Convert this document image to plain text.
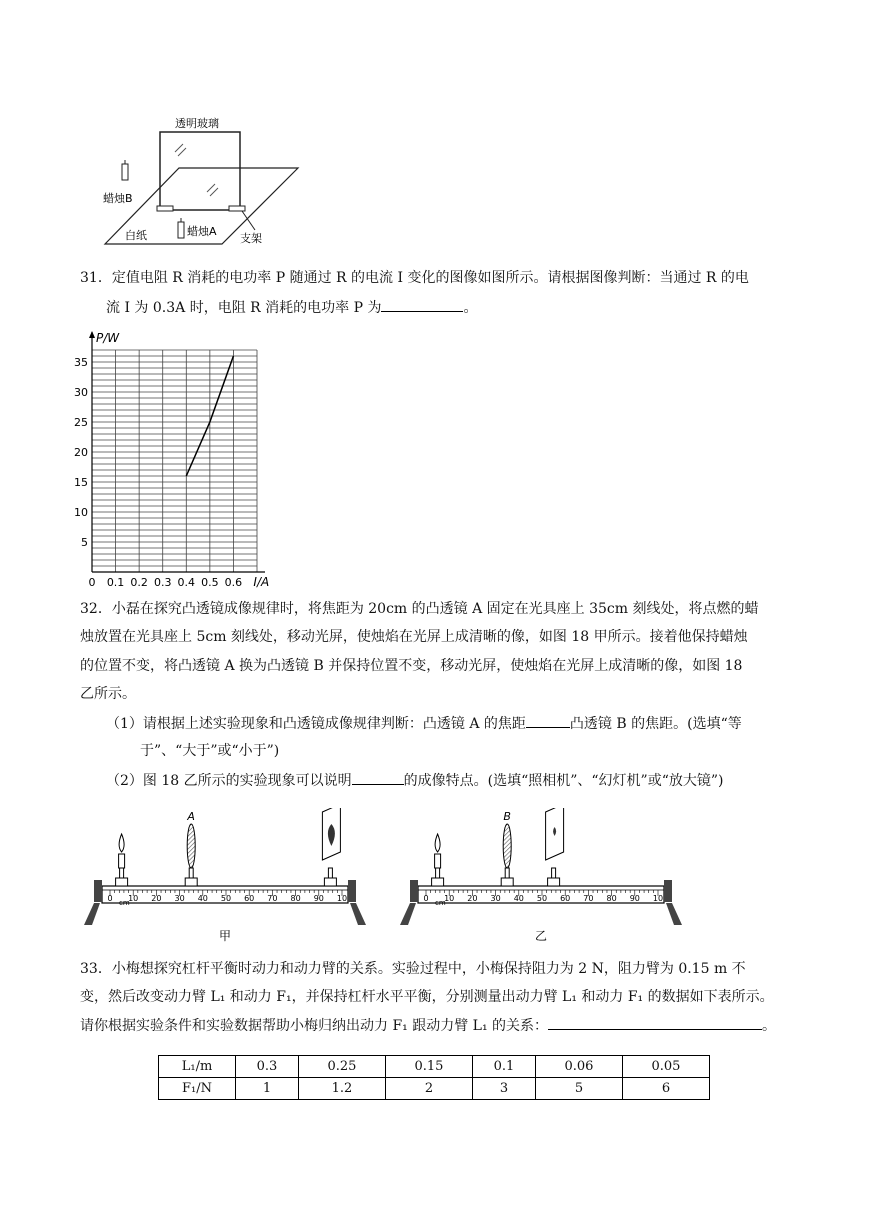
透明玻璃
蜡烛B
白纸	蜡烛A
支架
31．定值电阻 R 消耗的电功率 P 随通过 R 的电流 I 变化的图像如图所示。请根据图像判断：当通过 R 的电
流 I 为 0.3A 时，电阻 R 消耗的电功率 P 为	。
0 0.1 0.2 0.3 0.4 0.5 0.6
5
10
15
20
25
30
35
P/W
I/A
32．小磊在探究凸透镜成像规律时，将焦距为 20cm 的凸透镜 A 固定在光具座上 35cm 刻线处，将点燃的蜡
烛放置在光具座上 5cm 刻线处，移动光屏，使烛焰在光屏上成清晰的像，如图 18 甲所示。接着他保持蜡烛
的位置不变，将凸透镜 A 换为凸透镜 B 并保持位置不变，移动光屏，使烛焰在光屏上成清晰的像，如图 18
乙所示。
（1）请根据上述实验现象和凸透镜成像规律判断：凸透镜 A 的焦距	凸透镜 B 的焦距。(选填“等
于”、“大于”或“小于”)
（2）图 18 乙所示的实验现象可以说明	的成像特点。(选填“照相机”、“幻灯机”或“放大镜”)
0 10 20 30 40 50 60 70 80 90 10
cm
A
甲
0 10 20 30 40 50 60 70 80 90 10
cm
B
乙
33．小梅想探究杠杆平衡时动力和动力臂的关系。实验过程中，小梅保持阻力为 2 N，阻力臂为 0.15 m 不
变，然后改变动力臂 L₁ 和动力 F₁，并保持杠杆水平平衡，分别测量出动力臂 L₁ 和动力 F₁ 的数据如下表所示。
请你根据实验条件和实验数据帮助小梅归纳出动力 F₁ 跟动力臂 L₁ 的关系：	。
L₁/m	0.3	0.25	0.15	0.1	0.06	0.05
F₁/N	1	1.2	2	3	5	6
